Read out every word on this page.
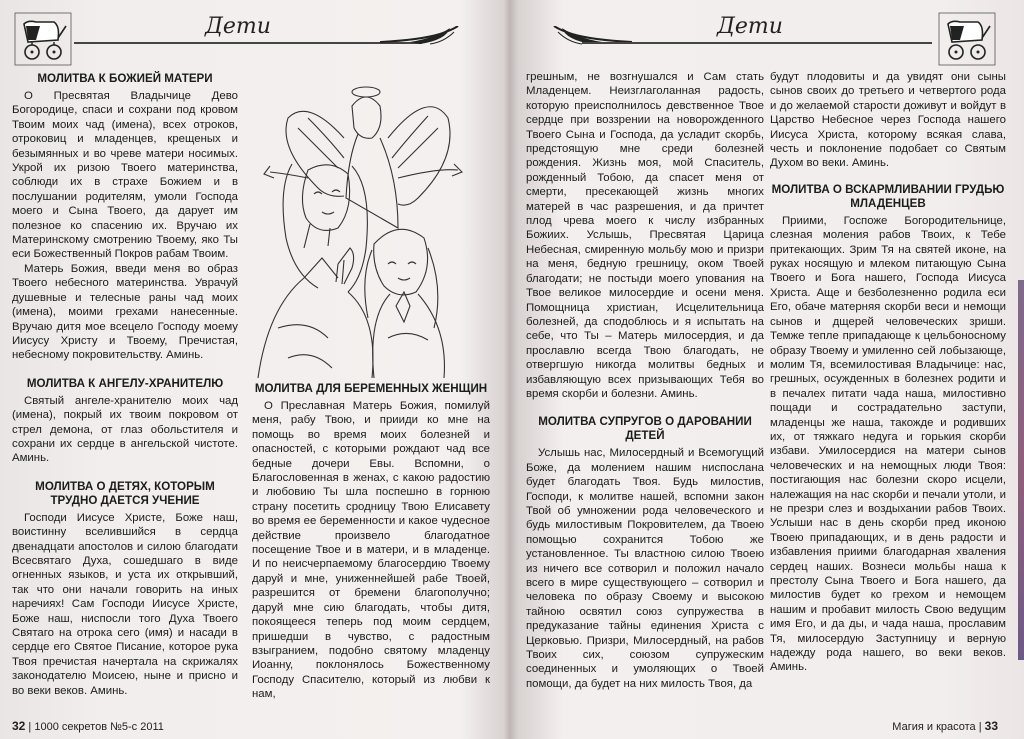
Дети
МОЛИТВА К БОЖИЕЙ МАТЕРИ

О Пресвятая Владычице Дево Богородице, спаси и сохрани под кровом Твоим моих чад (имена), всех отроков, отроковиц и младенцев, крещеных и безымянных и во чреве матери носимых. Укрой их ризою Твоего материнства, соблюди их в страхе Божием и в послушании родителям, умоли Господа моего и Сына Твоего, да дарует им полезное ко спасению их. Вручаю их Материнскому смотрению Твоему, яко Ты еси Божественный Покров рабам Твоим.

Матерь Божия, введи меня во образ Твоего небесного материнства. Уврачуй душевные и телесные раны чад моих (имена), моими грехами нанесенные. Вручаю дитя мое всецело Господу моему Иисусу Христу и Твоему, Пречистая, небесному покровительству. Аминь.

МОЛИТВА К АНГЕЛУ-ХРАНИТЕЛЮ

Святый ангеле-хранителю моих чад (имена), покрый их твоим покровом от стрел демона, от глаз обольстителя и сохрани их сердце в ангельской чистоте. Аминь.

МОЛИТВА О ДЕТЯХ, КОТОРЫМ ТРУДНО ДАЕТСЯ УЧЕНИЕ

Господи Иисусе Христе, Боже наш, воистинну вселившийся в сердца двенадцати апостолов и силою благодати Всесвятаго Духа, сошедшаго в виде огненных языков, и уста их открывший, так что они начали говорить на иных наречиях! Сам Господи Иисусе Христе, Боже наш, ниспосли того Духа Твоего Святаго на отрока сего (имя) и насади в сердце его Святое Писание, которое рука Твоя пречистая начертала на скрижалях законодателю Моисею, ныне и присно и во веки веков. Аминь.

МОЛИТВА ДЛЯ БЕРЕМЕННЫХ ЖЕНЩИН

О Преславная Матерь Божия, помилуй меня, рабу Твою, и прииди ко мне на помощь во время моих болезней и опасностей, с которыми рождают чад все бедные дочери Евы. Вспомни, о Благословенная в женах, с какою радостию и любовию Ты шла поспешно в горнюю страну посетить сродницу Твою Елисавету во время ее беременности и какое чудесное действие произвело благодатное посещение Твое и в матери, и в младенце. И по неисчерпаемому благосердию Твоему даруй и мне, униженнейшей рабе Твоей, разрешится от бремени благополучно; даруй мне сию благодать, чтобы дитя, покоящееся теперь под моим сердцем, пришедши в чувство, с радостным взыгранием, подобно святому младенцу Иоанну, поклонялось Божественному Господу Спасителю, который из любви к нам,

32 | 1000 секретов №5-с 2011
Дети

грешным, не возгнушался и Сам стать Младенцем. Неизглаголанная радость, которую преисполнилось девственное Твое сердце при воззрении на новорожденного Твоего Сына и Господа, да усладит скорбь, предстоящую мне среди болезней рождения. Жизнь моя, мой Спаситель, рожденный Тобою, да спасет меня от смерти, пресекающей жизнь многих матерей в час разрешения, и да причтет плод чрева моего к числу избранных Божиих. Услышь, Пресвятая Царица Небесная, смиренную мольбу мою и призри на меня, бедную грешницу, оком Твоей благодати; не постыди моего упования на Твое великое милосердие и осени меня. Помощница христиан, Исцелительница болезней, да сподоблюсь и я испытать на себе, что Ты – Матерь милосердия, и да прославлю всегда Твою благодать, не отвергшую никогда молитвы бедных и избавляющую всех призывающих Тебя во время скорби и болезни. Аминь.

МОЛИТВА СУПРУГОВ О ДАРОВАНИИ ДЕТЕЙ

Услышь нас, Милосердный и Всемогущий Боже, да молением нашим ниспослана будет благодать Твоя. Будь милостив, Господи, к молитве нашей, вспомни закон Твой об умножении рода человеческого и будь милостивым Покровителем, да Твоею помощью сохранится Тобою же установленное. Ты властною силою Твоею из ничего все сотворил и положил начало всего в мире существующего – сотворил и человека по образу Своему и высокою тайною освятил союз супружества в предуказание тайны единения Христа с Церковью. Призри, Милосердный, на рабов Твоих сих, союзом супружеским соединенных и умоляющих о Твоей помощи, да будет на них милость Твоя, да

будут плодовиты и да увидят они сыны сынов своих до третьего и четвертого рода и до желаемой старости доживут и войдут в Царство Небесное через Господа нашего Иисуса Христа, которому всякая слава, честь и поклонение подобает со Святым Духом во веки. Аминь.

МОЛИТВА О ВСКАРМЛИВАНИИ ГРУДЬЮ МЛАДЕНЦЕВ

Приими, Госпоже Богородительнице, слезная моления рабов Твоих, к Тебе притекающих. Зрим Тя на святей иконе, на руках носящую и млеком питающую Сына Твоего и Бога нашего, Господа Иисуса Христа. Аще и безболезненно родила еси Его, обаче матерняя скорби веси и немощи сынов и дщерей человеческих зриши. Темже тепле припадающе к цельбоносному образу Твоему и умиленно сей лобызающе, молим Тя, всемилостивая Владычице: нас, грешных, осужденных в болезнех родити и в печалех питати чада наша, милостивно пощади и сострадательно заступи, младенцы же наша, такожде и родивших их, от тяжкаго недуга и горькия скорби избави. Умилосердися на матери сынов человеческих и на немощных люди Твоя: постигающия нас болезни скоро исцели, належащия на нас скорби и печали утоли, и не презри слез и воздыхании рабов Твоих. Услыши нас в день скорби пред иконою Твоею припадающих, и в день радости и избавления приими благодарная хваления сердец наших. Вознеси мольбы наша к престолу Сына Твоего и Бога нашего, да милостив будет ко грехом и немощем нашим и пробавит милость Свою ведущим имя Его, и да ды, и чада наша, прославим Тя, милосердую Заступницу и верную надежду рода нашего, во веки веков. Аминь.

Магия и красота | 33
